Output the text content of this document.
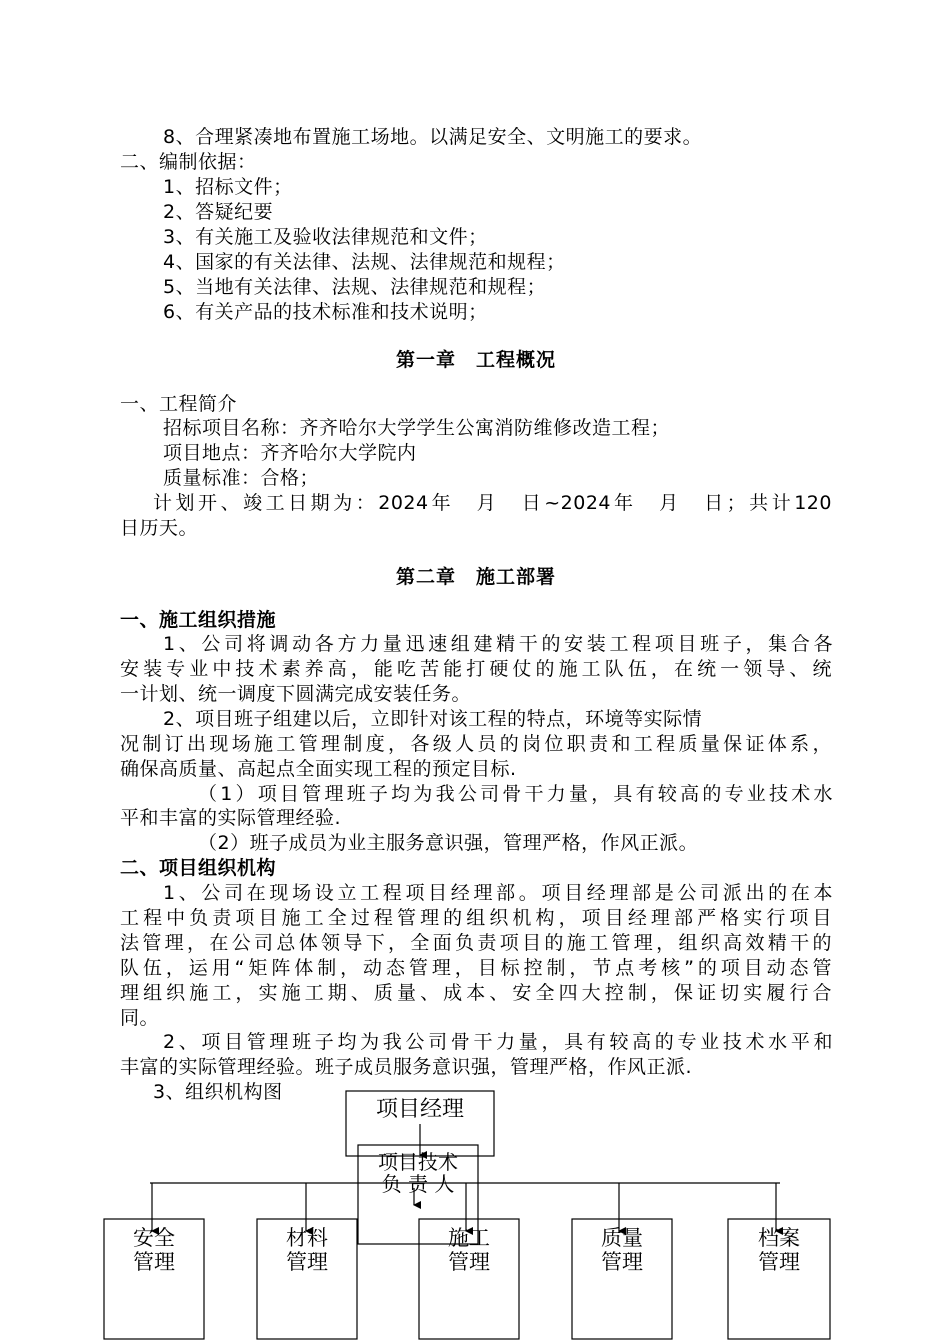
8、合理紧凑地布置施工场地。以满足安全、文明施工的要求。
二、编制依据：
1、招标文件；
2、答疑纪要
3、有关施工及验收法律规范和文件；
4、国家的有关法律、法规、法律规范和规程；
5、当地有关法律、法规、法律规范和规程；
6、有关产品的技术标准和技术说明；
第一章　工程概况
一、工程简介
招标项目名称：齐齐哈尔大学学生公寓消防维修改造工程；
项目地点：齐齐哈尔大学院内
质量标准：合格；
计划开、竣工日期为：2024年　月　日~2024年　月　日；共计120
日历天。
第二章　施工部署
一、施工组织措施
1、公司将调动各方力量迅速组建精干的安装工程项目班子，集合各
安装专业中技术素养高，能吃苦能打硬仗的施工队伍，在统一领导、统
一计划、统一调度下圆满完成安装任务。
2、项目班子组建以后，立即针对该工程的特点，环境等实际情
况制订出现场施工管理制度，各级人员的岗位职责和工程质量保证体系，
确保高质量、高起点全面实现工程的预定目标.
（1）项目管理班子均为我公司骨干力量，具有较高的专业技术水
平和丰富的实际管理经验.
（2）班子成员为业主服务意识强，管理严格，作风正派。
二、项目组织机构
1、公司在现场设立工程项目经理部。项目经理部是公司派出的在本
工程中负责项目施工全过程管理的组织机构，项目经理部严格实行项目
法管理，在公司总体领导下，全面负责项目的施工管理，组织高效精干的
队伍，运用“矩阵体制，动态管理，目标控制，节点考核”的项目动态管
理组织施工，实施工期、质量、成本、安全四大控制，保证切实履行合
同。
2、项目管理班子均为我公司骨干力量，具有较高的专业技术水平和
丰富的实际管理经验。班子成员服务意识强，管理严格，作风正派.
3、组织机构图
项目经理
项目技术
负 责 人
安全
管理
材料
管理
施工
管理
质量
管理
档案
管理
